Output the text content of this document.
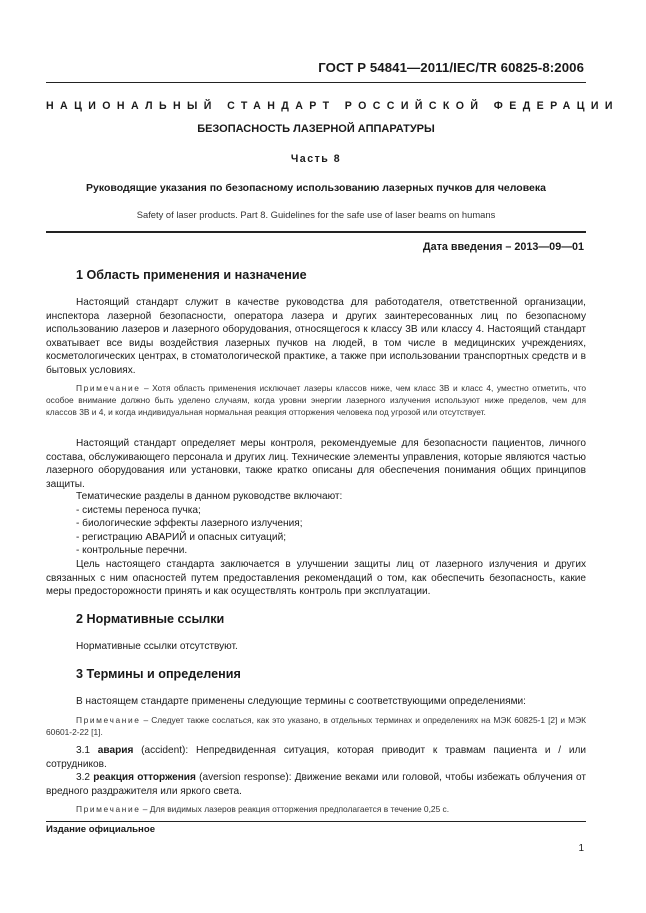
ГОСТ Р 54841—2011/IEC/TR 60825-8:2006
НАЦИОНАЛЬНЫЙ СТАНДАРТ РОССИЙСКОЙ ФЕДЕРАЦИИ
БЕЗОПАСНОСТЬ ЛАЗЕРНОЙ АППАРАТУРЫ
Часть 8
Руководящие указания по безопасному использованию лазерных пучков для человека
Safety of laser products. Part 8. Guidelines for the safe use of laser beams on humans
Дата введения – 2013—09—01
1 Область применения и назначение
Настоящий стандарт служит в качестве руководства для работодателя, ответственной организации, инспектора лазерной безопасности, оператора лазера и других заинтересованных лиц по безопасному использованию лазеров и лазерного оборудования, относящегося к классу 3В или классу 4. Настоящий стандарт охватывает все виды воздействия лазерных пучков на людей, в том числе в медицинских учреждениях, косметологических центрах, в стоматологической практике, а также при использовании транспортных средств и в бытовых условиях.
Примечание – Хотя область применения исключает лазеры классов ниже, чем класс 3В и класс 4, уместно отметить, что особое внимание должно быть уделено случаям, когда уровни энергии лазерного излучения используют ниже пределов, чем для классов 3В и 4, и когда индивидуальная нормальная реакция отторжения человека под угрозой или отсутствует.
Настоящий стандарт определяет меры контроля, рекомендуемые для безопасности пациентов, личного состава, обслуживающего персонала и других лиц. Технические элементы управления, которые являются частью лазерного оборудования или установки, также кратко описаны для обеспечения понимания общих принципов защиты.
Тематические разделы в данном руководстве включают:
- системы переноса пучка;
- биологические эффекты лазерного излучения;
- регистрацию АВАРИЙ и опасных ситуаций;
- контрольные перечни.
Цель настоящего стандарта заключается в улучшении защиты лиц от лазерного излучения и других связанных с ним опасностей путем предоставления рекомендаций о том, как обеспечить безопасность, какие меры предосторожности принять и как осуществлять контроль при эксплуатации.
2 Нормативные ссылки
Нормативные ссылки отсутствуют.
3 Термины и определения
В настоящем стандарте применены следующие термины с соответствующими определениями:
Примечание – Следует также сослаться, как это указано, в отдельных терминах и определениях на МЭК 60825-1 [2] и МЭК 60601-2-22 [1].
3.1 авария (accident): Непредвиденная ситуация, которая приводит к травмам пациента и / или сотрудников.
3.2 реакция отторжения (aversion response): Движение веками или головой, чтобы избежать облучения от вредного раздражителя или яркого света.
Примечание – Для видимых лазеров реакция отторжения предполагается в течение 0,25 с.
Издание официальное
1
